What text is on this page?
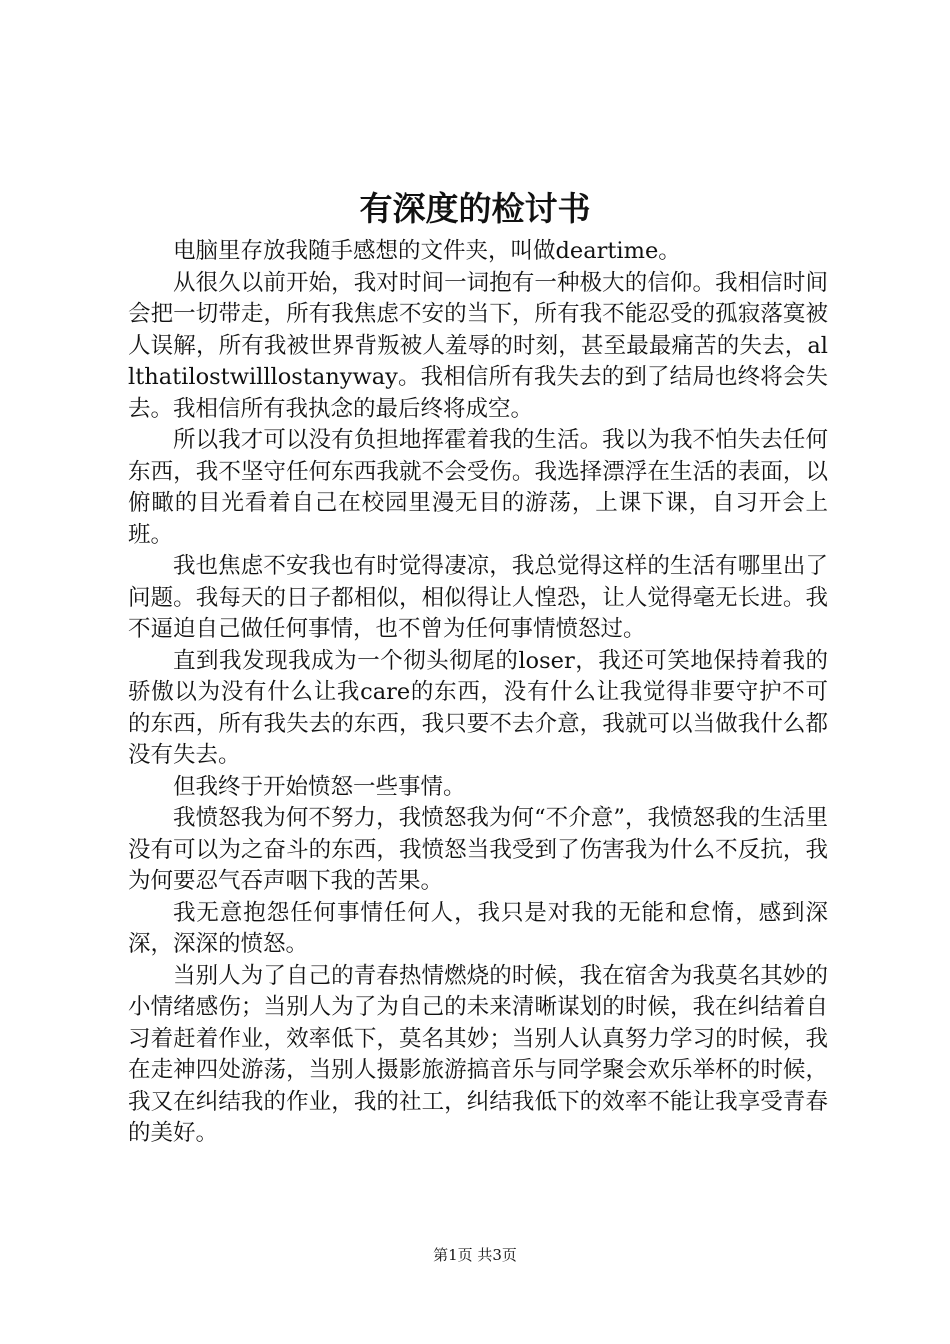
有深度的检讨书

电脑里存放我随手感想的文件夹，叫做deartime。

从很久以前开始，我对时间一词抱有一种极大的信仰。我相信时间会把一切带走，所有我焦虑不安的当下，所有我不能忍受的孤寂落寞被人误解，所有我被世界背叛被人羞辱的时刻，甚至最最痛苦的失去，allthatilostwilllostanyway。我相信所有我失去的到了结局也终将会失去。我相信所有我执念的最后终将成空。

所以我才可以没有负担地挥霍着我的生活。我以为我不怕失去任何东西，我不坚守任何东西我就不会受伤。我选择漂浮在生活的表面，以俯瞰的目光看着自己在校园里漫无目的游荡，上课下课，自习开会上班。

我也焦虑不安我也有时觉得凄凉，我总觉得这样的生活有哪里出了问题。我每天的日子都相似，相似得让人惶恐，让人觉得毫无长进。我不逼迫自己做任何事情，也不曾为任何事情愤怒过。

直到我发现我成为一个彻头彻尾的loser，我还可笑地保持着我的骄傲以为没有什么让我care的东西，没有什么让我觉得非要守护不可的东西，所有我失去的东西，我只要不去介意，我就可以当做我什么都没有失去。

但我终于开始愤怒一些事情。

我愤怒我为何不努力，我愤怒我为何“不介意”，我愤怒我的生活里没有可以为之奋斗的东西，我愤怒当我受到了伤害我为什么不反抗，我为何要忍气吞声咽下我的苦果。

我无意抱怨任何事情任何人，我只是对我的无能和怠惰，感到深深，深深的愤怒。

当别人为了自己的青春热情燃烧的时候，我在宿舍为我莫名其妙的小情绪感伤；当别人为了为自己的未来清晰谋划的时候，我在纠结着自习着赶着作业，效率低下，莫名其妙；当别人认真努力学习的时候，我在走神四处游荡，当别人摄影旅游搞音乐与同学聚会欢乐举杯的时候，我又在纠结我的作业，我的社工，纠结我低下的效率不能让我享受青春的美好。

第1页 共3页
